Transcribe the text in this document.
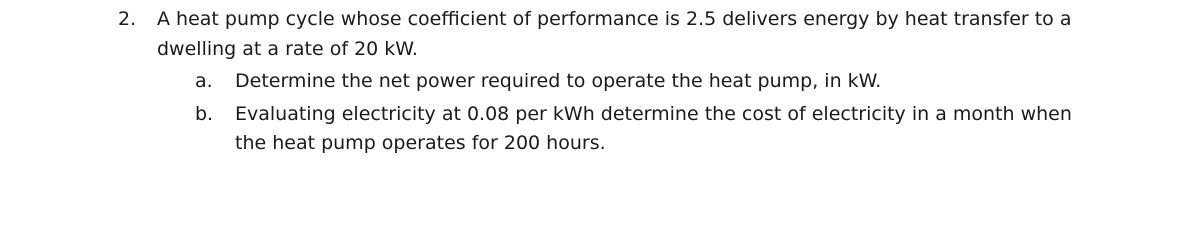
2. A heat pump cycle whose coefficient of performance is 2.5 delivers energy by heat transfer to a
dwelling at a rate of 20 kW.
a. Determine the net power required to operate the heat pump, in kW.
b. Evaluating electricity at 0.08 per kWh determine the cost of electricity in a month when
the heat pump operates for 200 hours.
